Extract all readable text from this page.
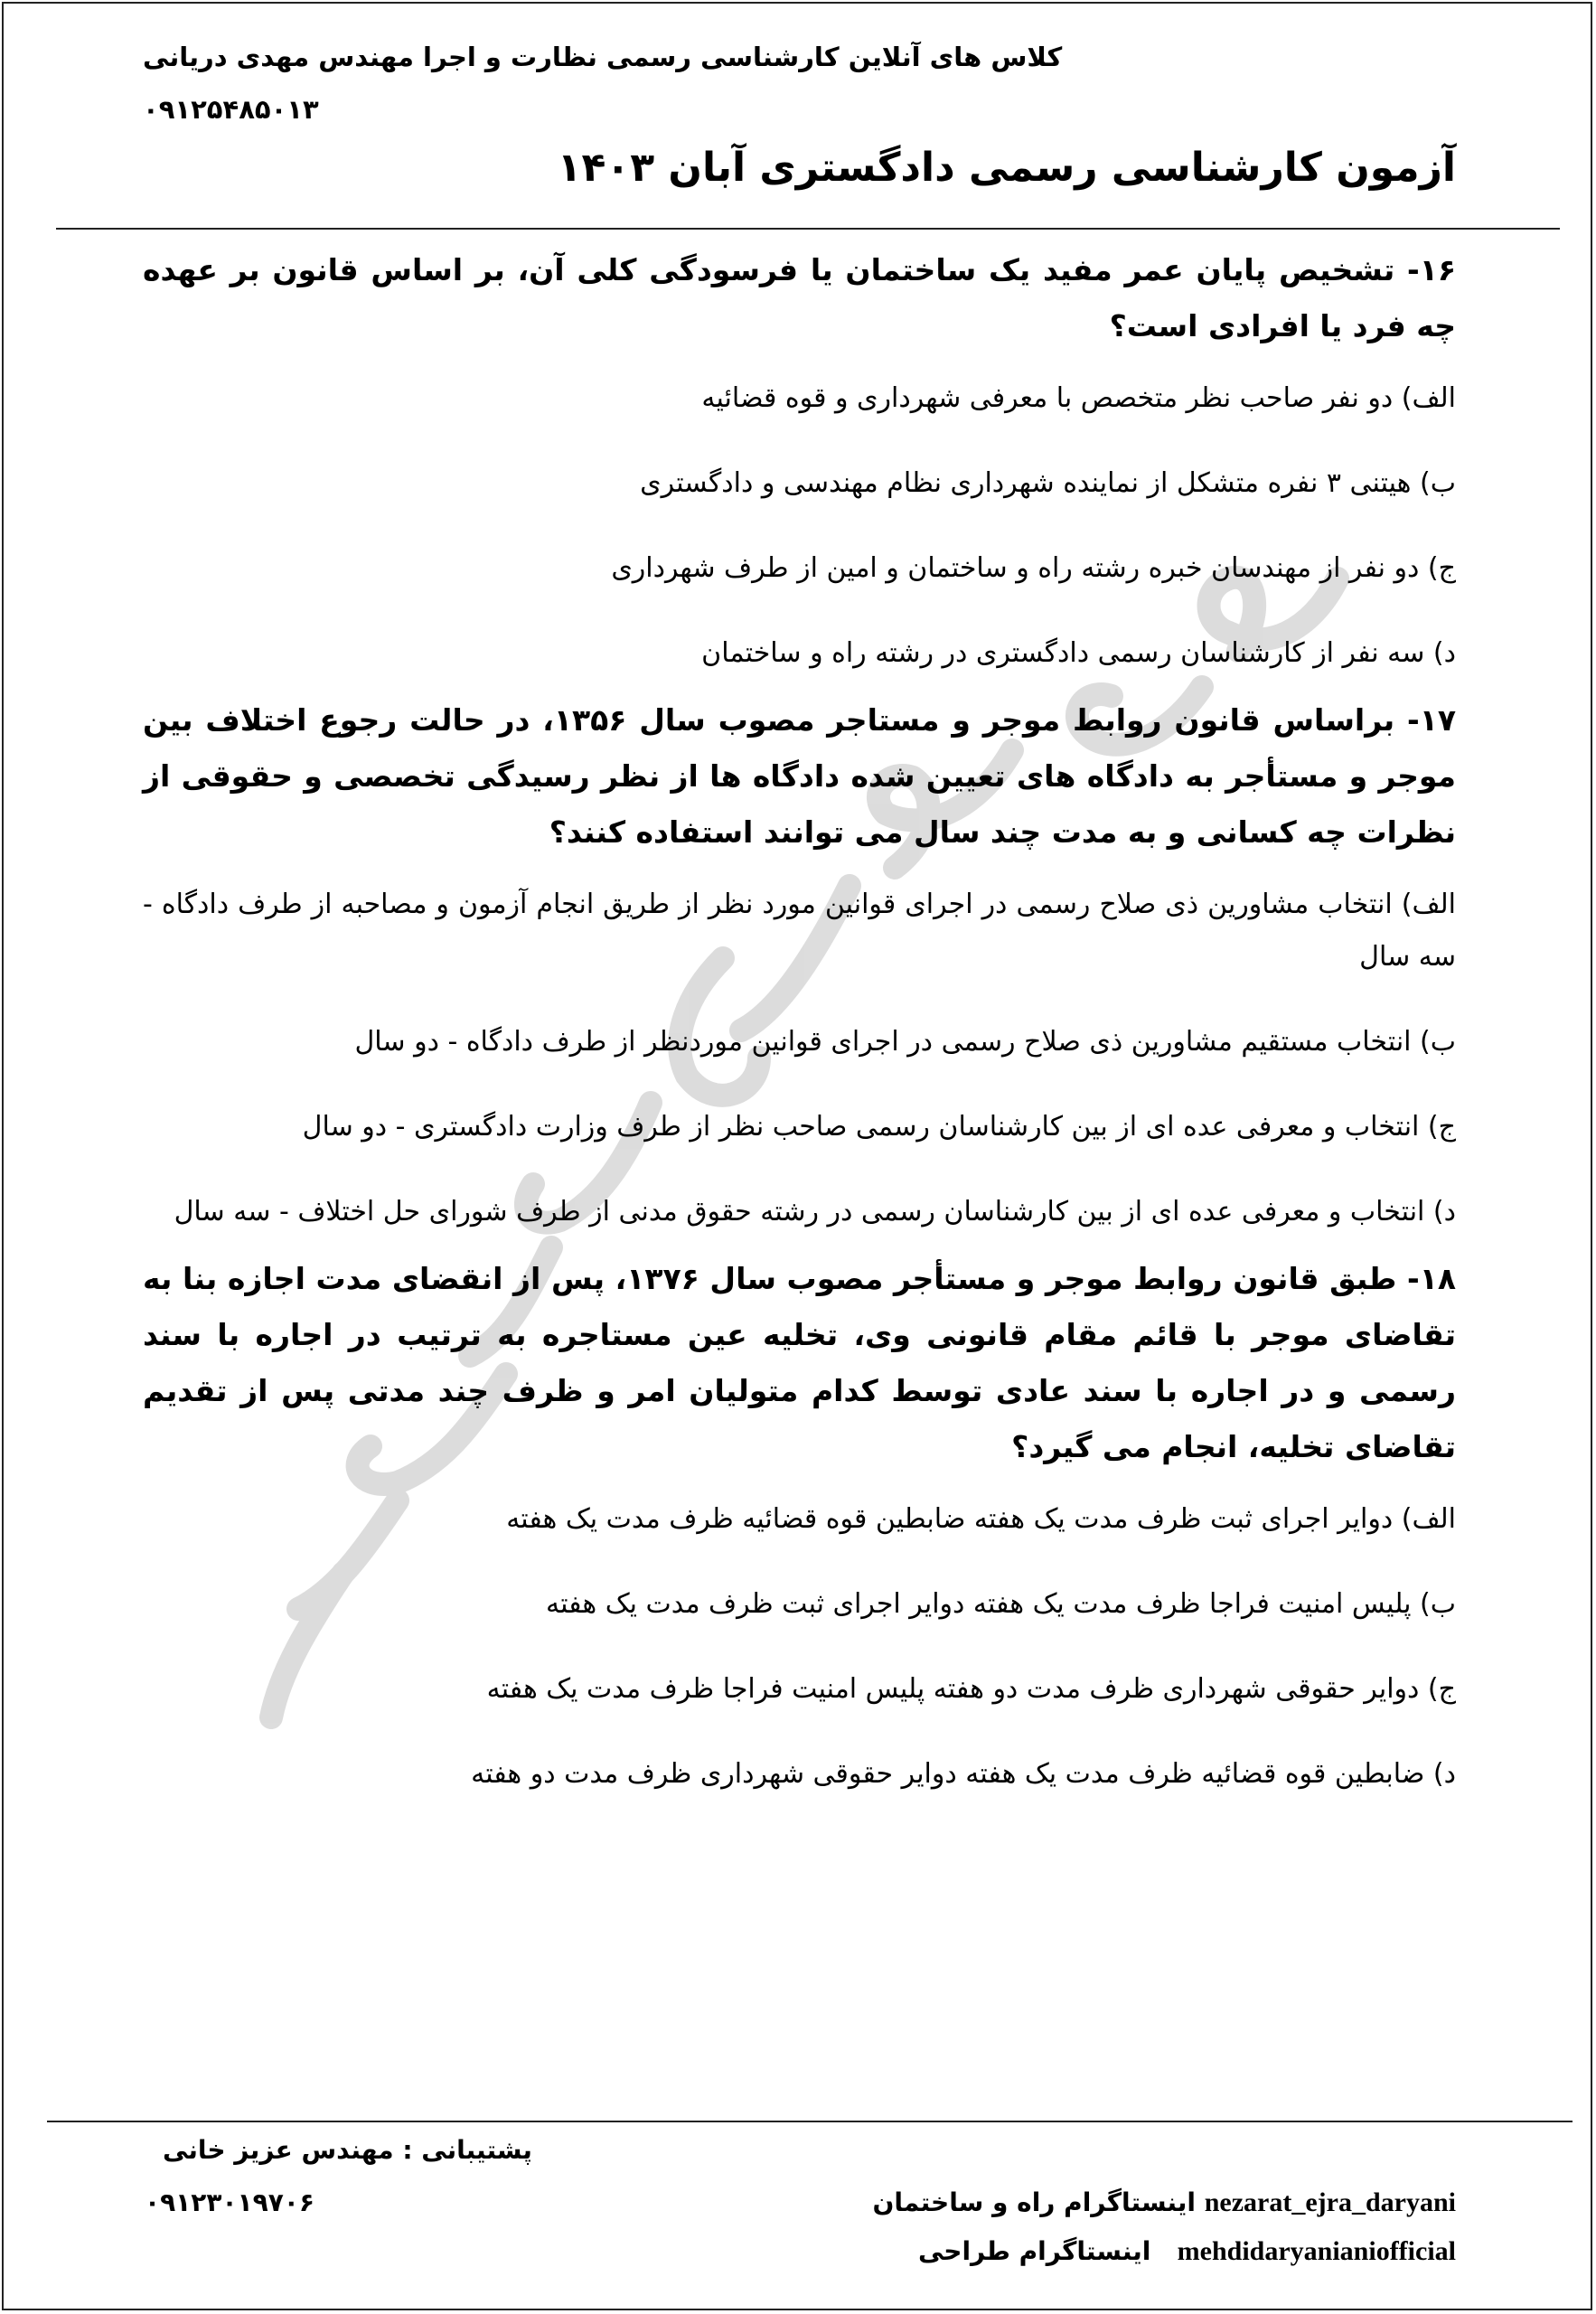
کلاس های آنلاین کارشناسی رسمی نظارت و اجرا مهندس مهدی دریانی
۰۹۱۲۵۴۸۵۰۱۳
آزمون کارشناسی رسمی دادگستری آبان ۱۴۰۳

۱۶- تشخیص پایان عمر مفید یک ساختمان یا فرسودگی کلی آن، بر اساس قانون بر عهده چه فرد یا افرادی است؟

الف) دو نفر صاحب نظر متخصص با معرفی شهرداری و قوه قضائیه

ب) هیتنی ۳ نفره متشکل از نماینده شهرداری نظام مهندسی و دادگستری

ج) دو نفر از مهندسان خبره رشته راه و ساختمان و امین از طرف شهرداری

د) سه نفر از کارشناسان رسمی دادگستری در رشته راه و ساختمان

۱۷- براساس قانون روابط موجر و مستاجر مصوب سال ۱۳۵۶، در حالت رجوع اختلاف بین موجر و مستأجر به دادگاه های تعیین شده دادگاه ها از نظر رسیدگی تخصصی و حقوقی از نظرات چه کسانی و به مدت چند سال می توانند استفاده کنند؟

الف) انتخاب مشاورین ذی صلاح رسمی در اجرای قوانین مورد نظر از طریق انجام آزمون و مصاحبه از طرف دادگاه - سه سال

ب) انتخاب مستقیم مشاورین ذی صلاح رسمی در اجرای قوانین موردنظر از طرف دادگاه - دو سال

ج) انتخاب و معرفی عده ای از بین کارشناسان رسمی صاحب نظر از طرف وزارت دادگستری - دو سال

د) انتخاب و معرفی عده ای از بین کارشناسان رسمی در رشته حقوق مدنی از طرف شورای حل اختلاف - سه سال

۱۸- طبق قانون روابط موجر و مستأجر مصوب سال ۱۳۷۶، پس از انقضای مدت اجازه بنا به تقاضای موجر با قائم مقام قانونی وی، تخلیه عین مستاجره به ترتیب در اجاره با سند رسمی و در اجاره با سند عادی توسط کدام متولیان امر و ظرف چند مدتی پس از تقدیم تقاضای تخلیه، انجام می گیرد؟

الف) دوایر اجرای ثبت ظرف مدت یک هفته ضابطین قوه قضائیه ظرف مدت یک هفته

ب) پلیس امنیت فراجا ظرف مدت یک هفته دوایر اجرای ثبت ظرف مدت یک هفته

ج) دوایر حقوقی شهرداری ظرف مدت دو هفته پلیس امنیت فراجا ظرف مدت یک هفته

د) ضابطین قوه قضائیه ظرف مدت یک هفته دوایر حقوقی شهرداری ظرف مدت دو هفته

پشتیبانی : مهندس عزیز خانی
۰۹۱۲۳۰۱۹۷۰۶	nezarat_ejra_daryani اینستاگرام راه و ساختمان
mehdidaryanianiofficial   اینستاگرام طراحی
